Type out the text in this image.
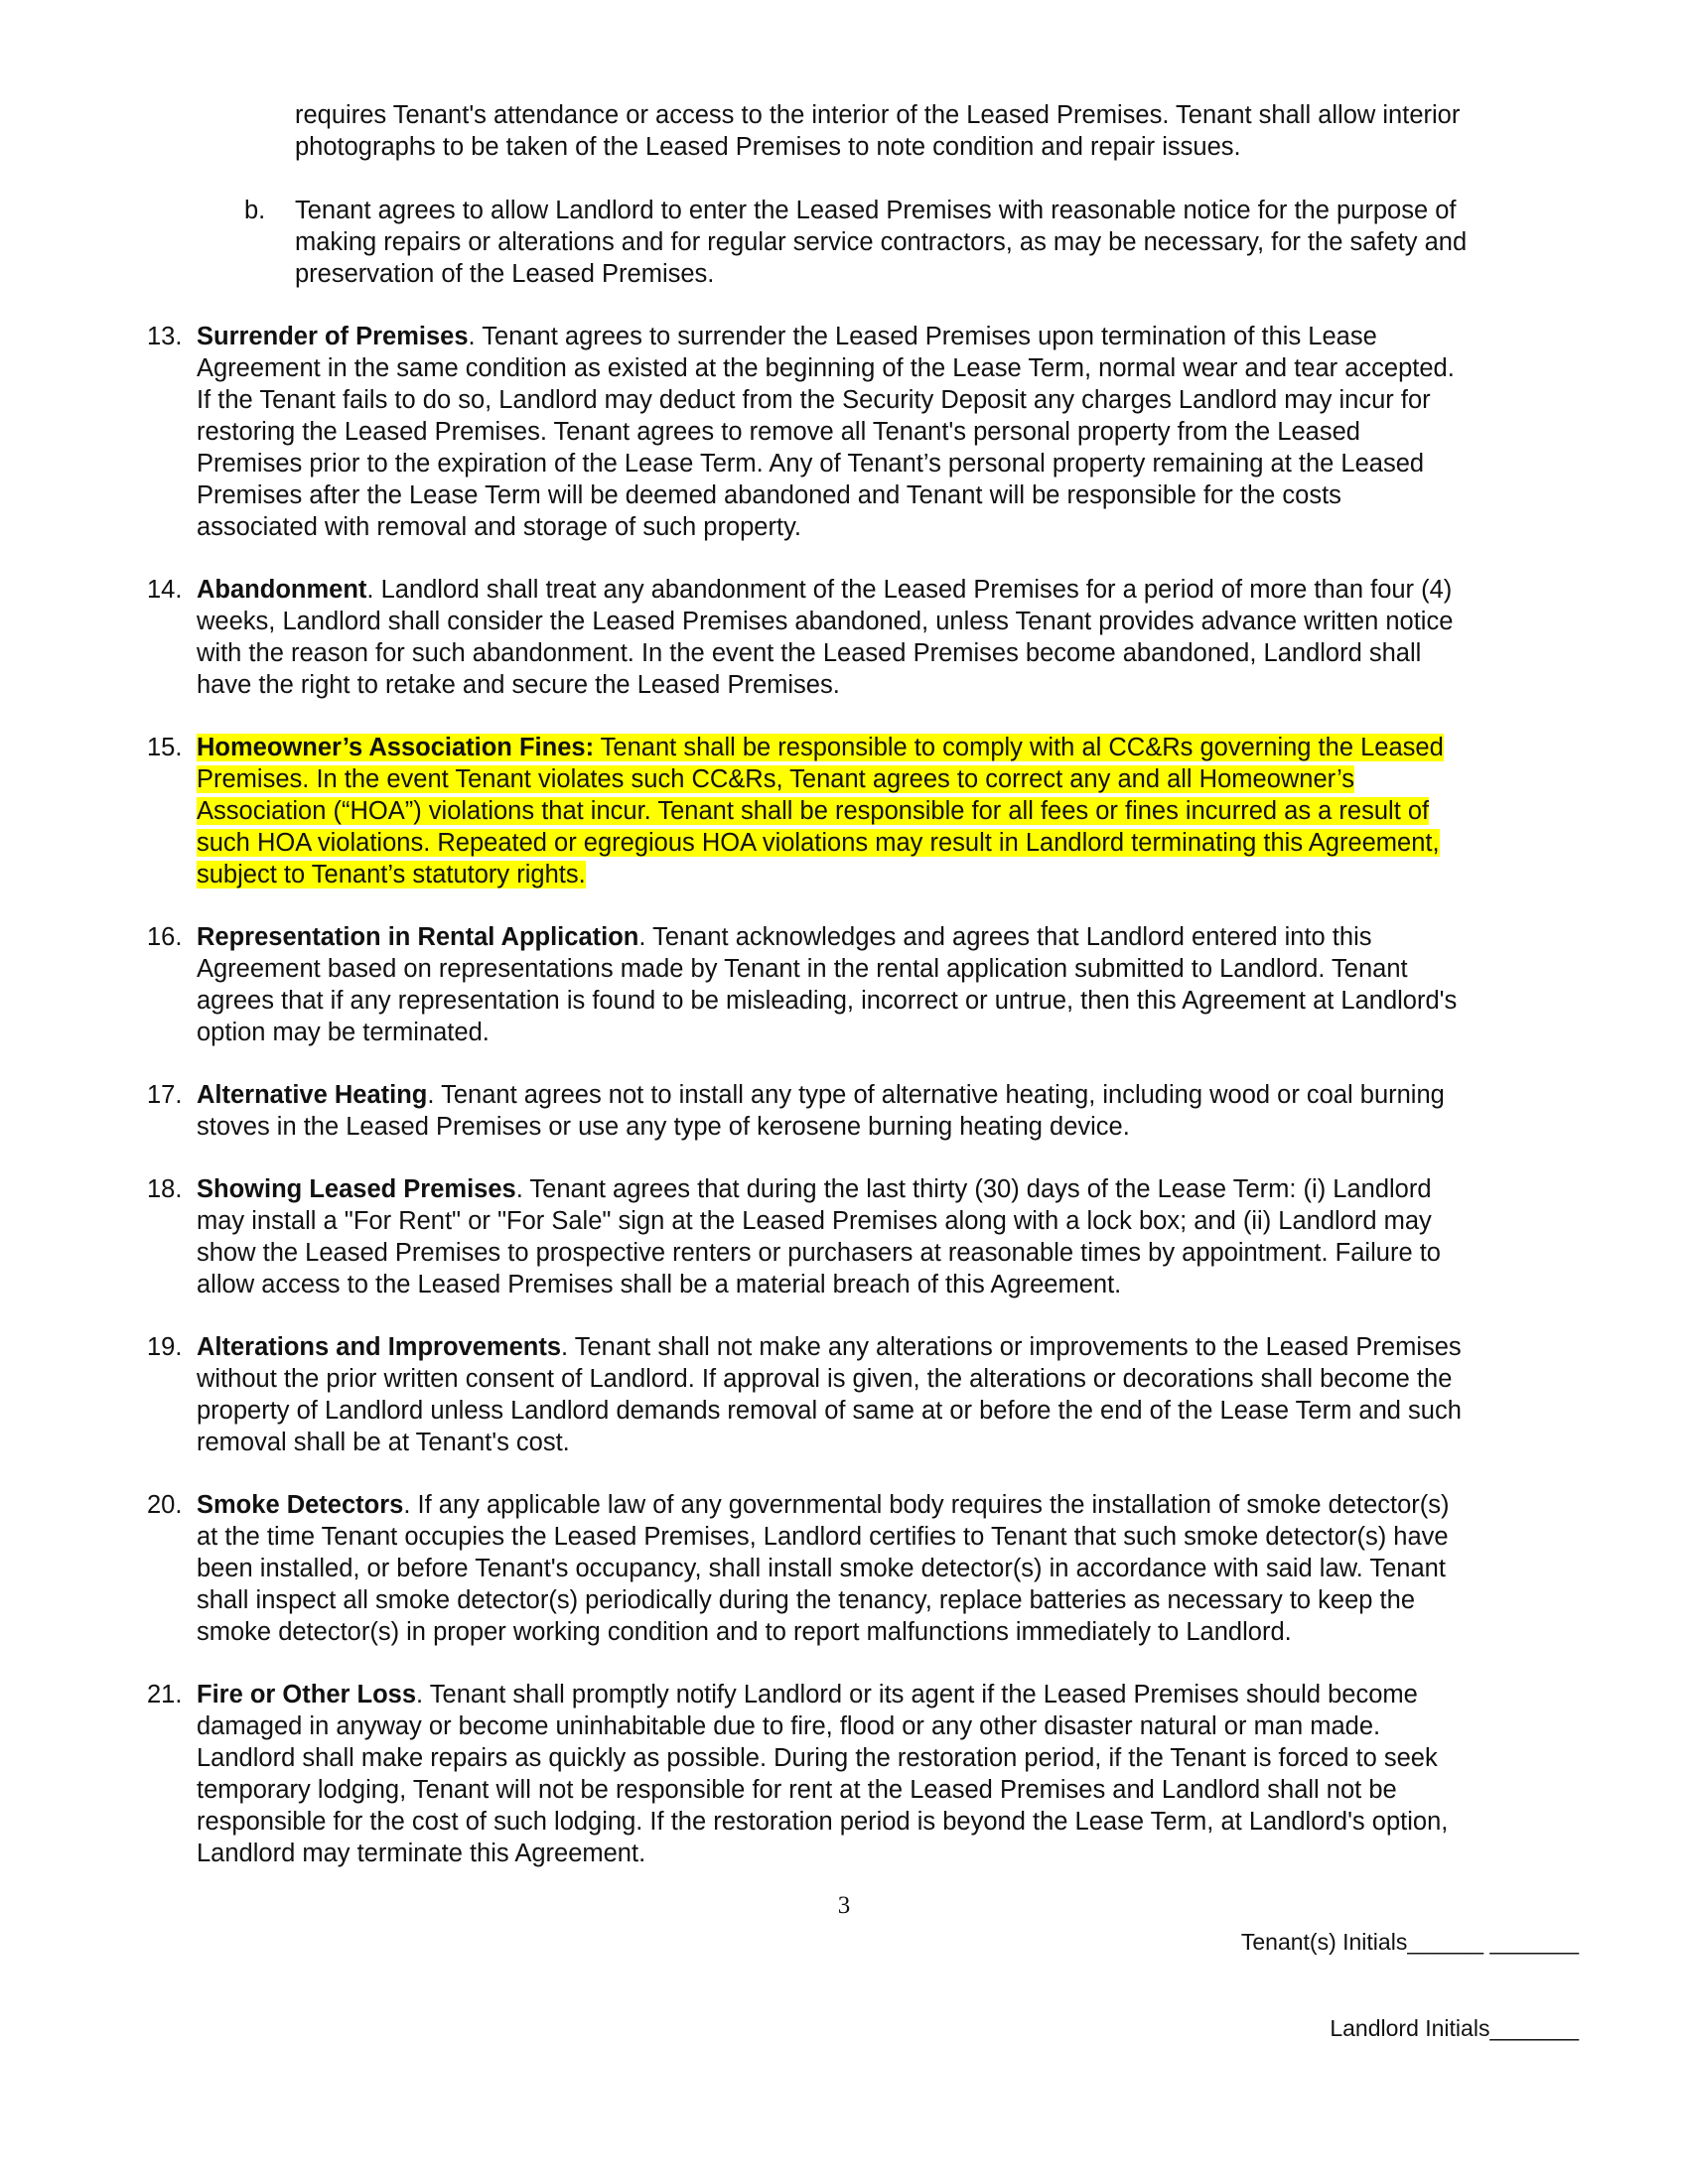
requires Tenant's attendance or access to the interior of the Leased Premises. Tenant shall allow interior
photographs to be taken of the Leased Premises to note condition and repair issues.
b. Tenant agrees to allow Landlord to enter the Leased Premises with reasonable notice for the purpose of
making repairs or alterations and for regular service contractors, as may be necessary, for the safety and
preservation of the Leased Premises.
13. Surrender of Premises. Tenant agrees to surrender the Leased Premises upon termination of this Lease
Agreement in the same condition as existed at the beginning of the Lease Term, normal wear and tear accepted.
If the Tenant fails to do so, Landlord may deduct from the Security Deposit any charges Landlord may incur for
restoring the Leased Premises. Tenant agrees to remove all Tenant's personal property from the Leased
Premises prior to the expiration of the Lease Term. Any of Tenant’s personal property remaining at the Leased
Premises after the Lease Term will be deemed abandoned and Tenant will be responsible for the costs
associated with removal and storage of such property.
14. Abandonment. Landlord shall treat any abandonment of the Leased Premises for a period of more than four (4)
weeks, Landlord shall consider the Leased Premises abandoned, unless Tenant provides advance written notice
with the reason for such abandonment. In the event the Leased Premises become abandoned, Landlord shall
have the right to retake and secure the Leased Premises.
15. Homeowner’s Association Fines: Tenant shall be responsible to comply with al CC&Rs governing the Leased
Premises. In the event Tenant violates such CC&Rs, Tenant agrees to correct any and all Homeowner’s
Association (“HOA”) violations that incur. Tenant shall be responsible for all fees or fines incurred as a result of
such HOA violations. Repeated or egregious HOA violations may result in Landlord terminating this Agreement,
subject to Tenant’s statutory rights.
16. Representation in Rental Application. Tenant acknowledges and agrees that Landlord entered into this
Agreement based on representations made by Tenant in the rental application submitted to Landlord. Tenant
agrees that if any representation is found to be misleading, incorrect or untrue, then this Agreement at Landlord's
option may be terminated.
17. Alternative Heating. Tenant agrees not to install any type of alternative heating, including wood or coal burning
stoves in the Leased Premises or use any type of kerosene burning heating device.
18. Showing Leased Premises. Tenant agrees that during the last thirty (30) days of the Lease Term: (i) Landlord
may install a "For Rent" or "For Sale" sign at the Leased Premises along with a lock box; and (ii) Landlord may
show the Leased Premises to prospective renters or purchasers at reasonable times by appointment. Failure to
allow access to the Leased Premises shall be a material breach of this Agreement.
19. Alterations and Improvements. Tenant shall not make any alterations or improvements to the Leased Premises
without the prior written consent of Landlord. If approval is given, the alterations or decorations shall become the
property of Landlord unless Landlord demands removal of same at or before the end of the Lease Term and such
removal shall be at Tenant's cost.
20. Smoke Detectors. If any applicable law of any governmental body requires the installation of smoke detector(s)
at the time Tenant occupies the Leased Premises, Landlord certifies to Tenant that such smoke detector(s) have
been installed, or before Tenant's occupancy, shall install smoke detector(s) in accordance with said law. Tenant
shall inspect all smoke detector(s) periodically during the tenancy, replace batteries as necessary to keep the
smoke detector(s) in proper working condition and to report malfunctions immediately to Landlord.
21. Fire or Other Loss. Tenant shall promptly notify Landlord or its agent if the Leased Premises should become
damaged in anyway or become uninhabitable due to fire, flood or any other disaster natural or man made.
Landlord shall make repairs as quickly as possible. During the restoration period, if the Tenant is forced to seek
temporary lodging, Tenant will not be responsible for rent at the Leased Premises and Landlord shall not be
responsible for the cost of such lodging. If the restoration period is beyond the Lease Term, at Landlord's option,
Landlord may terminate this Agreement.
3
Tenant(s) Initials______ _______
Landlord Initials_______
